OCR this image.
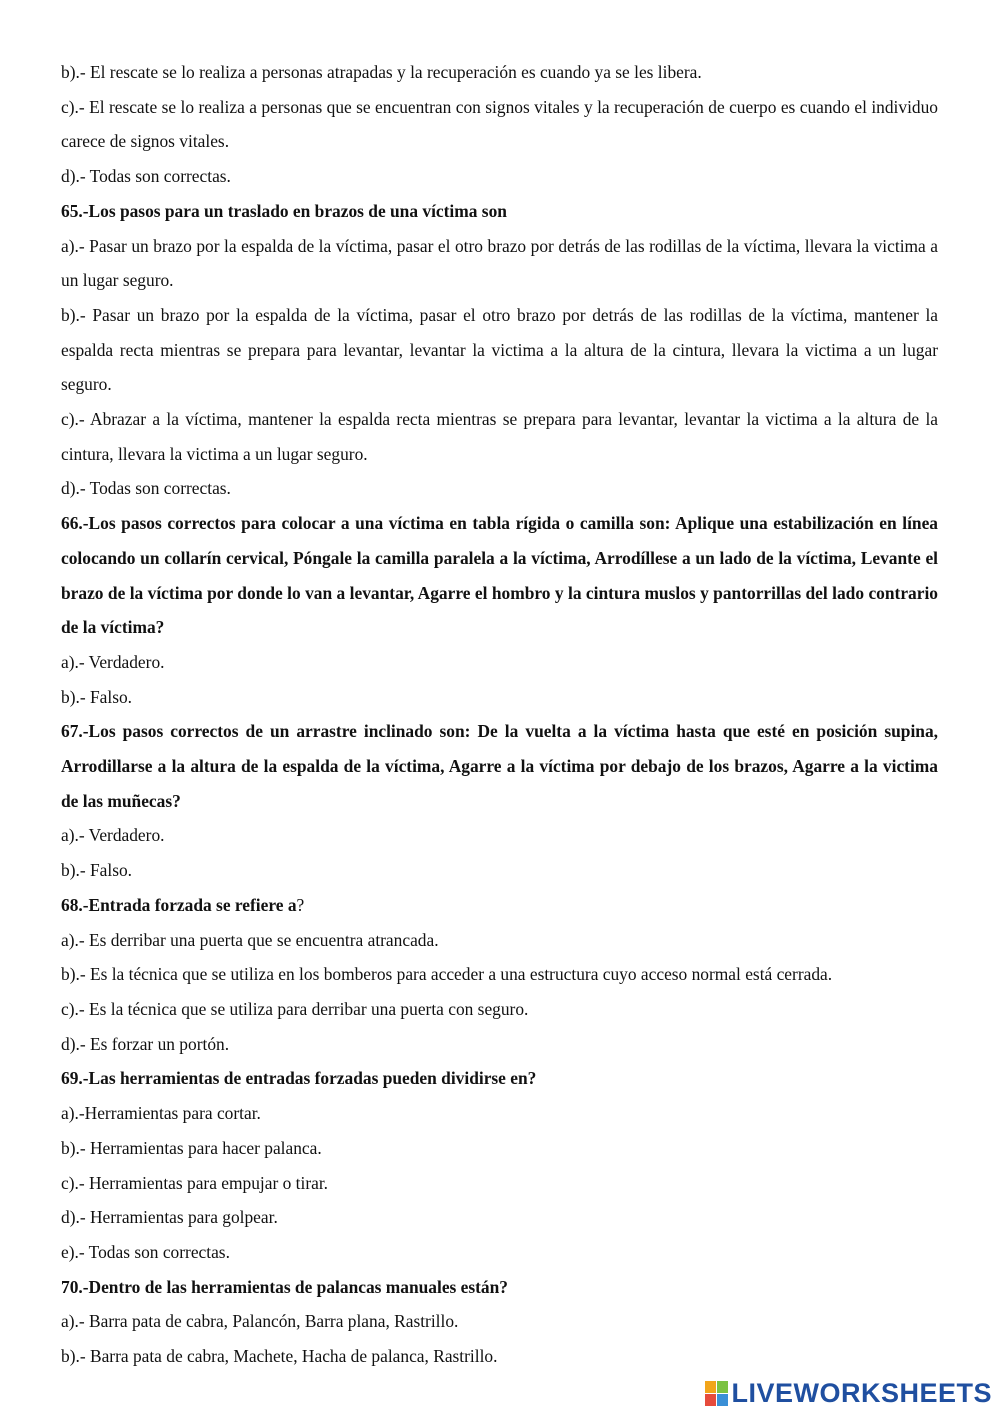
b).- El rescate se lo realiza a personas atrapadas y la recuperación es cuando ya se les libera.

c).- El rescate se lo realiza a personas que se encuentran con signos vitales y la recuperación de cuerpo es cuando el individuo carece de signos vitales.

d).- Todas son correctas.

65.-Los pasos para un traslado en brazos de una víctima son

a).- Pasar un brazo por la espalda de la víctima, pasar el otro brazo por detrás de las rodillas de la víctima, llevara la victima a un lugar seguro.

b).- Pasar un brazo por la espalda de la víctima, pasar el otro brazo por detrás de las rodillas de la víctima, mantener la espalda recta mientras se prepara para levantar, levantar la victima a la altura de la cintura, llevara la victima a un lugar seguro.

c).- Abrazar a la víctima, mantener la espalda recta mientras se prepara para levantar, levantar la victima a la altura de la cintura, llevara la victima a un lugar seguro.

d).- Todas son correctas.

66.-Los pasos correctos para colocar a una víctima en tabla rígida o camilla son: Aplique una estabilización en línea colocando un collarín cervical, Póngale la camilla paralela a la víctima, Arrodíllese a un lado de la víctima, Levante el brazo de la víctima por donde lo van a levantar, Agarre el hombro y la cintura muslos y pantorrillas del lado contrario de la víctima?

a).- Verdadero.

b).- Falso.

67.-Los pasos correctos de un arrastre inclinado son: De la vuelta a la víctima hasta que esté en posición supina, Arrodillarse a la altura de la espalda de la víctima, Agarre a la víctima por debajo de los brazos, Agarre a la victima de las muñecas?

a).- Verdadero.

b).- Falso.

68.-Entrada forzada se refiere a?

a).- Es derribar una puerta que se encuentra atrancada.

b).- Es la técnica que se utiliza en los bomberos para acceder a una estructura cuyo acceso normal está cerrada.

c).- Es la técnica que se utiliza para derribar una puerta con seguro.

d).- Es forzar un portón.

69.-Las herramientas de entradas forzadas pueden dividirse en?

a).-Herramientas para cortar.

b).- Herramientas para hacer palanca.

c).- Herramientas para empujar o tirar.

d).- Herramientas para golpear.

e).- Todas son correctas.

70.-Dentro de las herramientas de palancas manuales están?

a).- Barra pata de cabra, Palancón, Barra plana, Rastrillo.

b).- Barra pata de cabra, Machete, Hacha de palanca, Rastrillo.

LIVEWORKSHEETS
